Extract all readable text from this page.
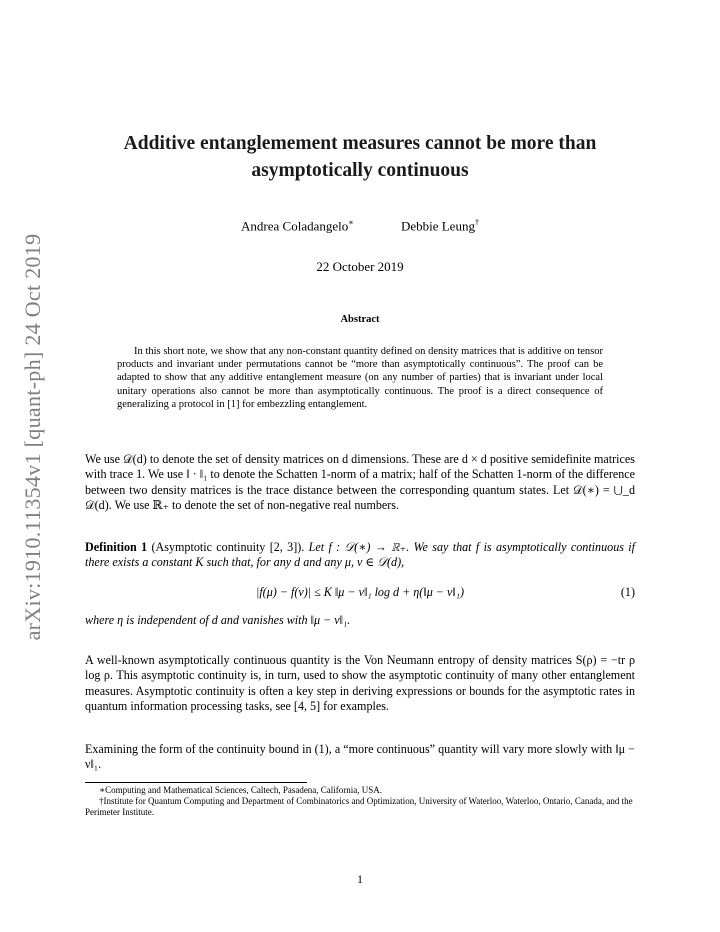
arXiv:1910.11354v1 [quant-ph] 24 Oct 2019
Additive entanglemement measures cannot be more than
asymptotically continuous
Andrea Coladangelo∗	Debbie Leung†
22 October 2019
Abstract
In this short note, we show that any non-constant quantity defined on density matrices that is additive on tensor products and invariant under permutations cannot be “more than asymptotically continuous”. The proof can be adapted to show that any additive entanglement measure (on any number of parties) that is invariant under local unitary operations also cannot be more than asymptotically continuous. The proof is a direct consequence of generalizing a protocol in [1] for embezzling entanglement.

We use 𝒟(d) to denote the set of density matrices on d dimensions. These are d × d positive semidefinite matrices with trace 1. We use ‖ · ‖₁ to denote the Schatten 1-norm of a matrix; half of the Schatten 1-norm of the difference between two density matrices is the trace distance between the corresponding quantum states. Let 𝒟(∗) = ⋃_d 𝒟(d). We use ℝ₊ to denote the set of non-negative real numbers.

Definition 1 (Asymptotic continuity [2, 3]). Let f : 𝒟(∗) → ℝ₊. We say that f is asymptotically continuous if there exists a constant K such that, for any d and any μ, ν ∈ 𝒟(d),

|f(μ) − f(ν)| ≤ K ‖μ − ν‖₁ log d + η(‖μ − ν‖₁)	(1)

where η is independent of d and vanishes with ‖μ − ν‖₁.

A well-known asymptotically continuous quantity is the Von Neumann entropy of density matrices S(ρ) = −tr ρ log ρ. This asymptotic continuity is, in turn, used to show the asymptotic continuity of many other entanglement measures. Asymptotic continuity is often a key step in deriving expressions or bounds for the asymptotic rates in quantum information processing tasks, see [4, 5] for examples.

Examining the form of the continuity bound in (1), a “more continuous” quantity will vary more slowly with ‖μ − ν‖₁.

∗Computing and Mathematical Sciences, Caltech, Pasadena, California, USA.
†Institute for Quantum Computing and Department of Combinatorics and Optimization, University of Waterloo, Waterloo, Ontario, Canada, and the Perimeter Institute.
1
